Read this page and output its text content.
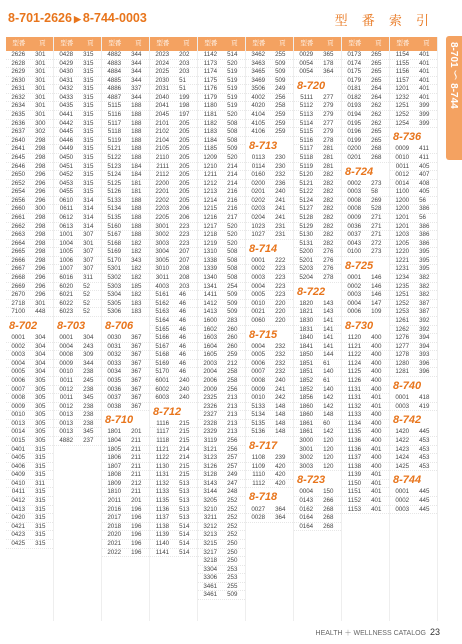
8-701-2626 ▶ 8-744-0003	型 番 索 引
8-701 〜 8-744
型番	頁
2626	301
2628	301
2629	301
2630	301
2631	301
2632	301
2634	301
2635	301
2636	300
2637	302
2640	298
2641	298
2645	298
2646	298
2650	296
2652	296
2654	296
2656	296
2660	300
2661	298
2662	298
2663	298
2664	298
2665	298
2666	298
2667	296
2668	296
2669	296
2670	296
2718	301
7100	448
8-702
0001	304
0002	304
0003	304
0004	304
0005	304
0006	305
0007	305
0008	305
0009	305
0010	305
0013	305
0014	305
0015	305
0401	315
0405	315
0406	315
0409	315
0410	311
0411	315
0412	315
0413	315
0420	315
0421	315
0423	315
0425	315
型番	頁
0428	315
0429	315
0430	315
0431	315
0432	315
0433	315
0435	315
0441	315
0442	315
0445	315
0446	315
0449	315
0450	315
0451	315
0452	315
0453	315
0455	315
0610	314
0611	314
0612	314
0613	314
1001	307
1004	301
1005	307
1006	307
1007	307
6016	311
6020	52
6021	52
6022	52
6023	52
8-703
0001	304
0004	243
0008	309
0009	344
0010	238
0011	245
0012	238
0011	345
0012	238
0013	238
0013	238
0013	345
4882	237
型番	頁
4882	344
4883	344
4884	344
4885	344
4886	337
4887	344
5115	188
5116	188
5117	188
5118	188
5119	188
5121	188
5122	188
5123	184
5124	184
5125	181
5126	181
5133	188
5134	188
5135	188
5160	188
5167	188
5168	182
5169	182
5170	343
5301	182
5302	182
5303	185
5304	182
5305	183
5306	183
8-706
0030	367
0031	367
0032	367
0033	367
0034	367
0035	367
0036	367
0037	367
0038	367
8-710
1801	201
1804	211
1805	211
1806	211
1807	211
1808	211
1809	212
1810	211
2011	201
2016	196
2017	196
2018	196
2020	196
2021	196
2022	196
型番	頁
2023	202
2024	203
2025	203
2030	51
2031	51
2040	199
2041	198
2045	197
2101	205
2102	205
2104	205
2105	205
2110	205
2111	205
2112	205
2200	205
2201	205
2202	205
2203	206
2205	206
3001	223
3002	223
3003	223
3004	207
3005	207
3010	208
3011	208
4003	203
5161	46
5162	46
5163	46
5164	46
5165	46
5166	46
5167	46
5168	46
5169	46
5170	46
6001	240
6002	240
6003	240
8-712
1116	215
1117	215
1118	215
1121	214
1122	214
1130	215
1131	215
1132	513
1133	513
1135	513
1136	513
1137	513
1138	514
1139	514
1140	514
1141	514
型番	頁
1142	514
1173	520
1174	519
1175	519
1176	519
1179	519
1180	519
1181	520
1182	508
1183	508
1184	508
1185	509
1209	520
1210	214
1211	214
1212	214
1213	216
1214	216
1215	216
1216	217
1217	520
1218	520
1219	520
1310	508
1338	508
1339	508
1340	508
1341	254
1411	509
1412	509
1413	509
1600	283
1602	260
1603	260
1604	260
1605	259
2003	212
2004	258
2006	258
2009	256
2325	213
2326	213
2327	213
2328	213
2329	213
3119	256
3121	256
3123	257
3126	257
3128	249
3143	247
3144	248
3205	252
3210	252
3211	252
3212	252
3213	252
3215	250
3217	250
3218	250
3304	253
3306	253
3461	255
3461	509
型番	頁
3462	255
3463	509
3465	509
3469	509
3506	249
4002	256
4020	258
4104	259
4105	259
4106	259
8-713
0113	230
0114	230
0160	232
0200	236
0201	240
0202	241
0203	241
0204	241
1023	231
1027	231
8-714
0001	222
0002	223
0003	223
0004	223
0005	223
0010	220
0021	220
0060	220
8-715
0004	232
0005	232
0006	232
0007	232
0008	240
0009	241
0010	242
5133	148
5134	148
5135	148
5136	148
8-717
1108	239
1109	420
1110	420
1112	420
8-718
0027	364
0028	364
型番	頁
0029	365
0054	178
0054	364
8-720
5111	277
5112	279
5113	279
5114	277
5115	279
5116	278
5117	281
5118	281
5119	281
5120	282
5121	282
5122	282
5124	282
5127	282
5128	282
5129	282
5130	282
5131	282
5200	276
5201	276
5203	276
5204	278
8-722
1820	143
1821	143
1830	141
1831	141
1840	141
1841	141
1850	144
1851	61
1851	140
1852	61
1852	140
1856	142
1860	142
1860	148
1861	60
1861	142
3000	120
3001	120
3002	120
3003	120
8-723
0004	150
0143	266
0162	268
0164	268
0164	268
型番	頁
0173	265
0174	265
0175	265
0179	265
0181	264
0182	264
0193	262
0194	262
0195	262
0196	265
0199	265
0200	268
0201	268
8-724
0002	273
0003	58
0008	269
0008	528
0009	271
0036	271
0037	271
0043	272
0100	273
8-725
0001	146
0002	146
0003	146
0004	147
0006	109
8-730
1120	400
1121	400
1122	400
1124	400
1125	400
1126	400
1131	400
1131	401
1132	401
1133	400
1134	400
1135	400
1136	400
1136	401
1137	400
1138	400
1139	401
1150	401
1151	401
1152	401
1153	401
型番	頁
1154	401
1155	401
1156	401
1157	401
1201	401
1232	401
1251	399
1252	399
1254	399
8-736
0009	411
0010	411
0011	405
0012	407
0014	408
1100	405
1200	56
1200	386
1201	56
1201	386
1203	386
1205	386
1220	395
1221	395
1231	395
1234	382
1235	382
1251	382
1252	387
1253	387
1261	392
1262	392
1276	394
1277	394
1278	393
1280	396
1281	396
8-740
0001	418
0003	419
8-742
1420	445
1422	453
1423	453
1424	453
1425	453
8-744
0001	445
0002	445
0003	445
HEALTH ＋ WELLNESS CATALOG 23
